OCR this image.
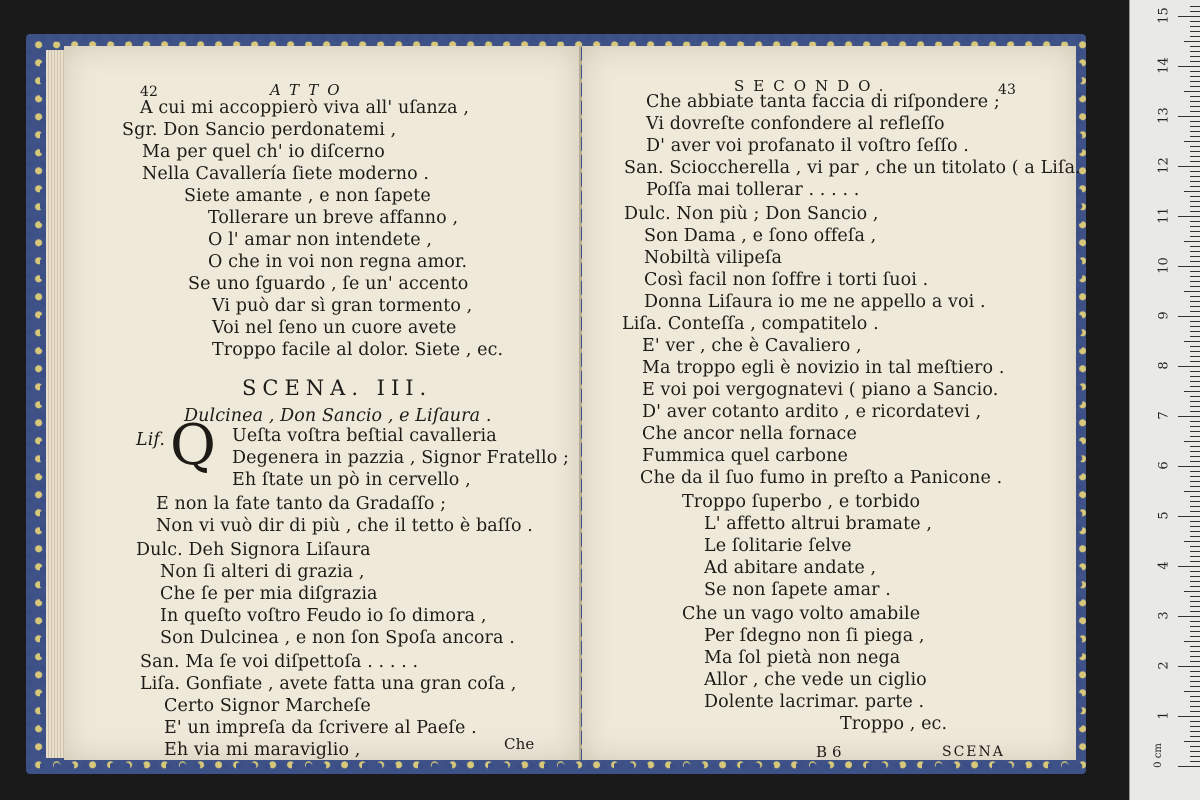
42	ATTO
A cui mi accoppierò viva all' uſanza ,
Sgr. Don Sancio perdonatemi ,
Ma per quel ch' io diſcerno
Nella Cavallería ſiete moderno .
Siete amante , e non ſapete
Tollerare un breve affanno ,
O l' amar non intendete ,
O che in voi non regna amor.
Se uno ſguardo , ſe un' accento
Vi può dar sì gran tormento ,
Voi nel ſeno un cuore avete
Troppo facile al dolor. Siete , ec.
SCENA. III.
Dulcinea , Don Sancio , e Liſaura .
Lif. Q Ueſta voſtra beſtial cavalleria
Degenera in pazzia , Signor Fratello ;
Eh ſtate un pò in cervello ,
E non la fate tanto da Gradaſſo ;
Non vi vuò dir di più , che il tetto è baſſo .
Dulc. Deh Signora Liſaura
Non ſi alteri di grazia ,
Che ſe per mia diſgrazia
In queſto voſtro Feudo io ſo dimora ,
Son Dulcinea , e non ſon Spoſa ancora .
San. Ma ſe voi diſpettoſa . . . . .
Liſa. Gonfiate , avete fatta una gran coſa ,
Certo Signor Marcheſe
E' un impreſa da ſcrivere al Paeſe .
Eh via mi maraviglio ,	Che
SECONDO.	43
Che abbiate tanta faccia di riſpondere ;
Vi dovreſte confondere al refleſſo
D' aver voi profanato il voſtro ſeſſo .
San. Scioccherella , vi par , che un titolato ( a Liſa.
Poſſa mai tollerar . . . . .
Dulc. Non più ; Don Sancio ,
Son Dama , e ſono offeſa ,
Nobiltà vilipeſa
Così facil non ſoffre i torti ſuoi .
Donna Liſaura io me ne appello a voi .
Liſa. Conteſſa , compatitelo .
E' ver , che è Cavaliero ,
Ma troppo egli è novizio in tal meſtiero .
E voi poi vergognatevi ( piano a Sancio.
D' aver cotanto ardito , e ricordatevi ,
Che ancor nella fornace
Fummica quel carbone
Che da il ſuo fumo in preſto a Panicone .
Troppo ſuperbo , e torbido
L' affetto altrui bramate ,
Le ſolitarie ſelve
Ad abitare andate ,
Se non ſapete amar .
Che un vago volto amabile
Per ſdegno non ſi piega ,
Ma ſol pietà non nega
Allor , che vede un ciglio
Dolente lacrimar. parte .
Troppo , ec.
B 6	SCENA	0 cm
1
2
3
4
5
6
7
8
9
10
11
12
13
14
15
